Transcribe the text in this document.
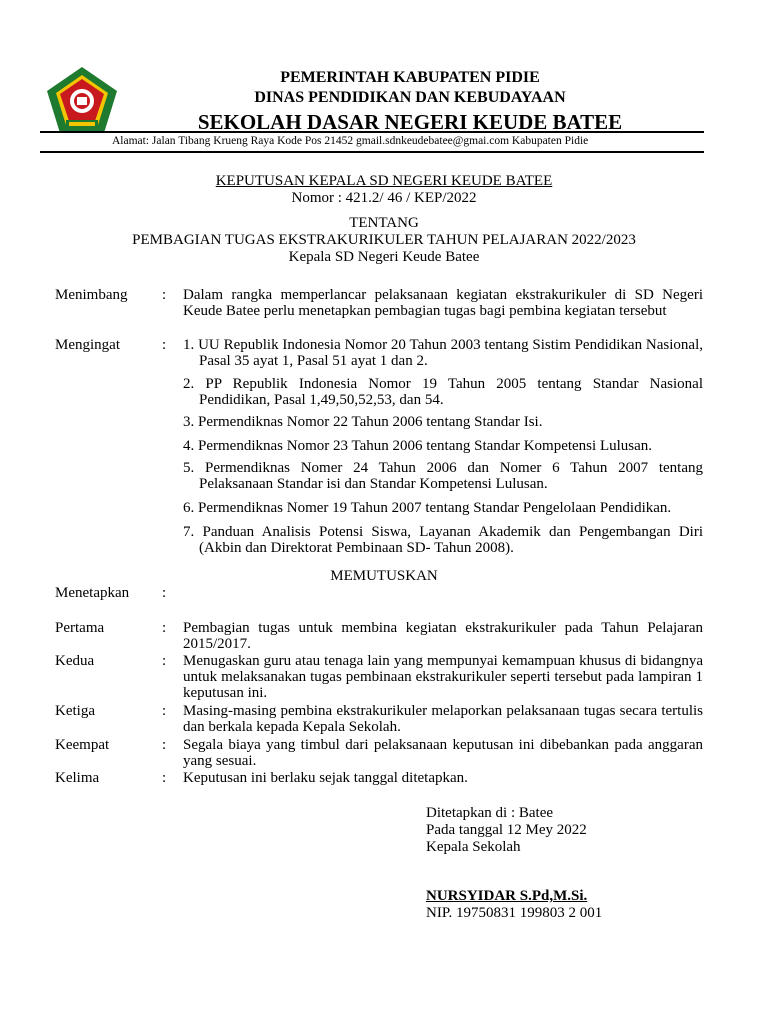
PEMERINTAH KABUPATEN PIDIE
DINAS PENDIDIKAN DAN KEBUDAYAAN
SEKOLAH DASAR NEGERI KEUDE BATEE
Alamat: Jalan Tibang Krueng Raya Kode Pos 21452 gmail.sdnkeudebatee@gmai.com Kabupaten Pidie
KEPUTUSAN KEPALA SD NEGERI KEUDE BATEE
Nomor : 421.2/ 46 / KEP/2022
TENTANG
PEMBAGIAN TUGAS EKSTRAKURIKULER TAHUN PELAJARAN 2022/2023
Kepala SD Negeri Keude Batee
Menimbang : Dalam rangka memperlancar pelaksanaan kegiatan ekstrakurikuler di SD Negeri Keude Batee perlu menetapkan pembagian tugas bagi pembina kegiatan tersebut
Mengingat	: 1. UU Republik Indonesia Nomor 20 Tahun 2003 tentang Sistim Pendidikan Nasional, Pasal 35 ayat 1, Pasal 51 ayat 1 dan 2.
2. PP Republik Indonesia Nomor 19 Tahun 2005 tentang Standar Nasional Pendidikan, Pasal 1,49,50,52,53, dan 54.
3. Permendiknas Nomor 22 Tahun 2006 tentang Standar Isi.
4. Permendiknas Nomor 23 Tahun 2006 tentang Standar Kompetensi Lulusan.
5. Permendiknas Nomer 24 Tahun 2006 dan Nomer 6 Tahun 2007 tentang Pelaksanaan Standar isi dan Standar Kompetensi Lulusan.
6. Permendiknas Nomer 19 Tahun 2007 tentang Standar Pengelolaan Pendidikan.
7. Panduan Analisis Potensi Siswa, Layanan Akademik dan Pengembangan Diri (Akbin dan Direktorat Pembinaan SD- Tahun 2008).
MEMUTUSKAN
Menetapkan :
Pertama	: Pembagian tugas untuk membina kegiatan ekstrakurikuler pada Tahun Pelajaran 2015/2017.
Kedua	: Menugaskan guru atau tenaga lain yang mempunyai kemampuan khusus di bidangnya untuk melaksanakan tugas pembinaan ekstrakurikuler seperti tersebut pada lampiran 1 keputusan ini.
Ketiga	: Masing-masing pembina ekstrakurikuler melaporkan pelaksanaan tugas secara tertulis dan berkala kepada Kepala Sekolah.
Keempat	: Segala biaya yang timbul dari pelaksanaan keputusan ini dibebankan pada anggaran yang sesuai.
Kelima	: Keputusan ini berlaku sejak tanggal ditetapkan.
Ditetapkan di : Batee
Pada tanggal 12 Mey 2022
Kepala Sekolah
NURSYIDAR S.Pd,M.Si.
NIP. 19750831 199803 2 001
